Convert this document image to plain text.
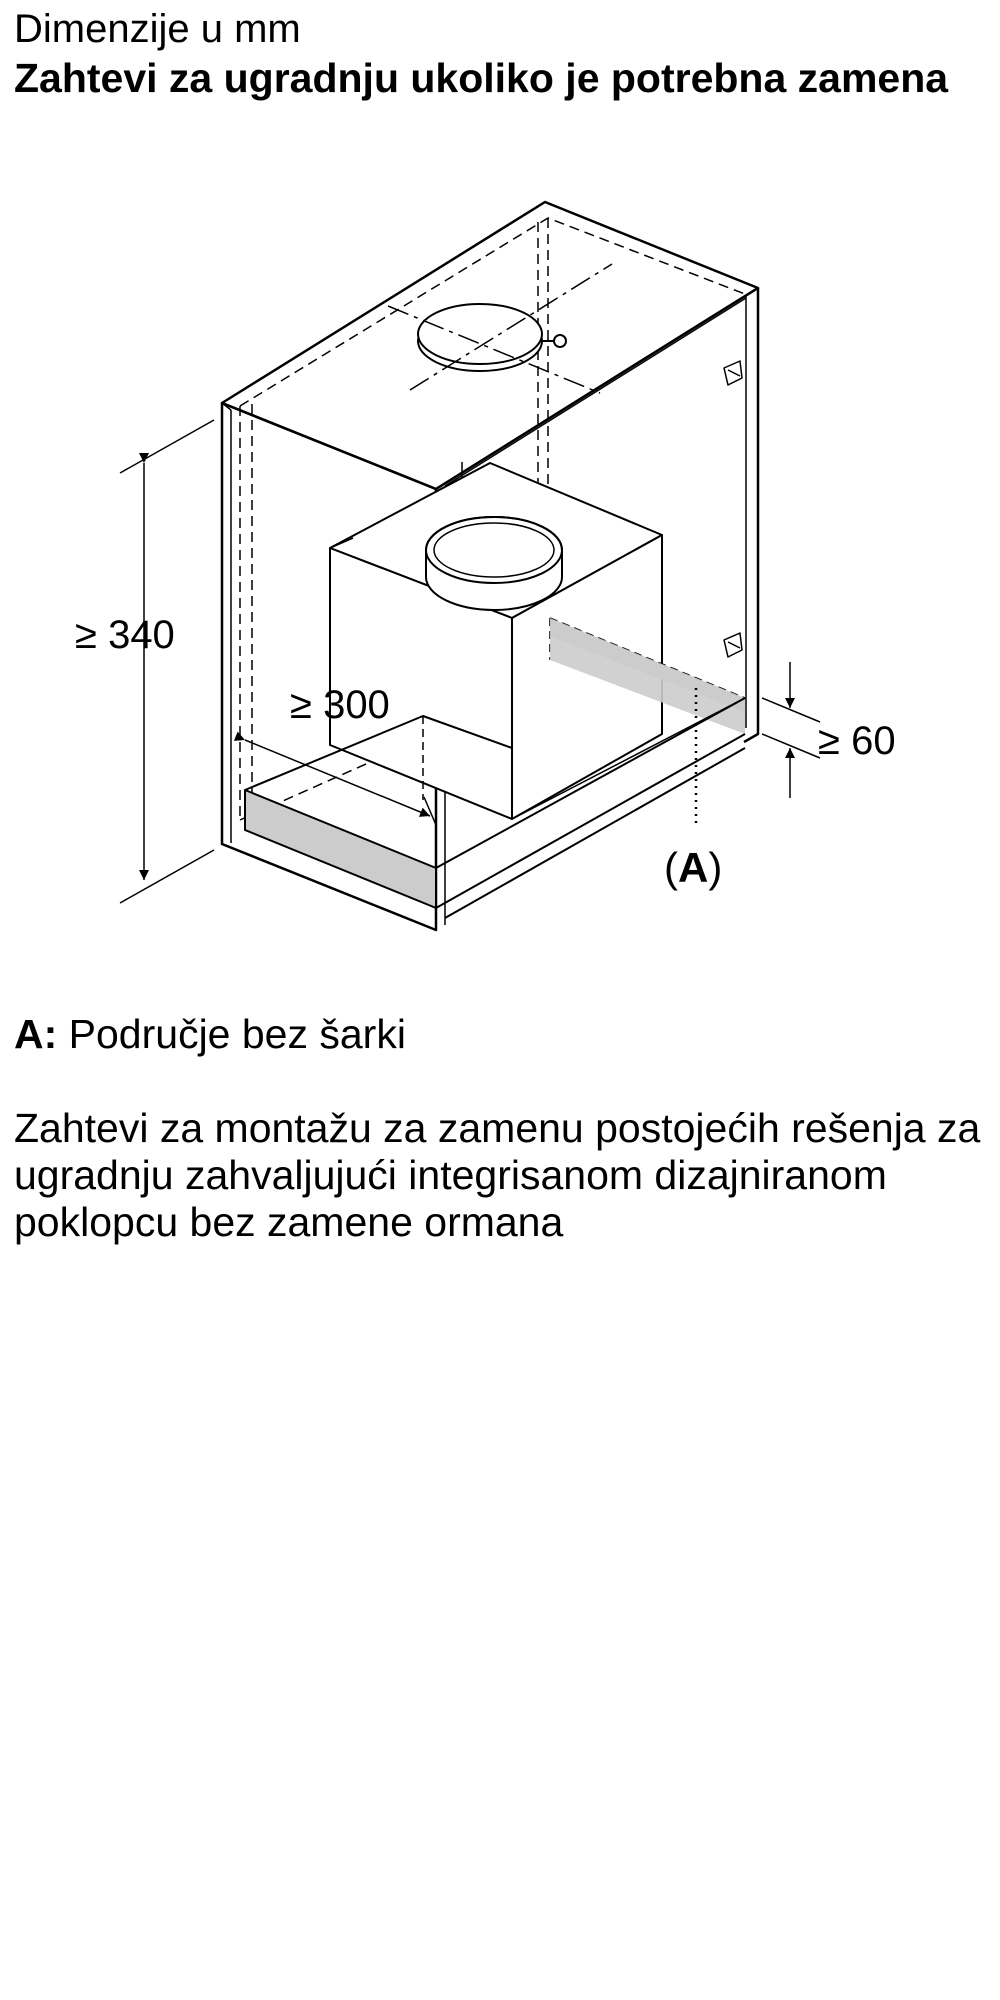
Dimenzije u mm
Zahtevi za ugradnju ukoliko je potrebna zamena
≥ 340
≥ 300
≥ 60
(A)
A: Područje bez šarki
Zahtevi za montažu za zamenu postojećih rešenja za ugradnju zahvaljujući integrisanom dizajniranom poklopcu bez zamene ormana
